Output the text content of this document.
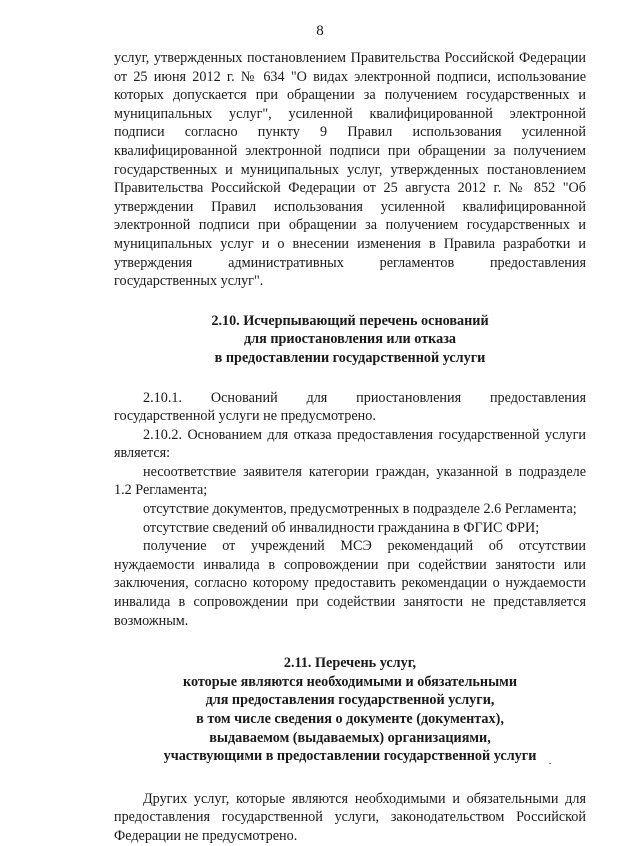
8

услуг, утвержденных постановлением Правительства Российской Федерации от 25 июня 2012 г. № 634 "О видах электронной подписи, использование которых допускается при обращении за получением государственных и муниципальных услуг", усиленной квалифицированной электронной подписи согласно пункту 9 Правил использования усиленной квалифицированной электронной подписи при обращении за получением государственных и муниципальных услуг, утвержденных постановлением Правительства Российской Федерации от 25 августа 2012 г. № 852 "Об утверждении Правил использования усиленной квалифицированной электронной подписи при обращении за получением государственных и муниципальных услуг и о внесении изменения в Правила разработки и утверждения административных регламентов предоставления государственных услуг".

2.10. Исчерпывающий перечень оснований
для приостановления или отказа
в предоставлении государственной услуги

2.10.1. Оснований для приостановления предоставления государственной услуги не предусмотрено.

2.10.2. Основанием для отказа предоставления государственной услуги является:

несоответствие заявителя категории граждан, указанной в подразделе 1.2 Регламента;

отсутствие документов, предусмотренных в подразделе 2.6 Регламента;

отсутствие сведений об инвалидности гражданина в ФГИС ФРИ;

получение от учреждений МСЭ рекомендаций об отсутствии нуждаемости инвалида в сопровождении при содействии занятости или заключения, согласно которому предоставить рекомендации о нуждаемости инвалида в сопровождении при содействии занятости не представляется возможным.

2.11. Перечень услуг,
которые являются необходимыми и обязательными
для предоставления государственной услуги,
в том числе сведения о документе (документах),
выдаваемом (выдаваемых) организациями,
участвующими в предоставлении государственной услуги

Других услуг, которые являются необходимыми и обязательными для предоставления государственной услуги, законодательством Российской Федерации не предусмотрено.
